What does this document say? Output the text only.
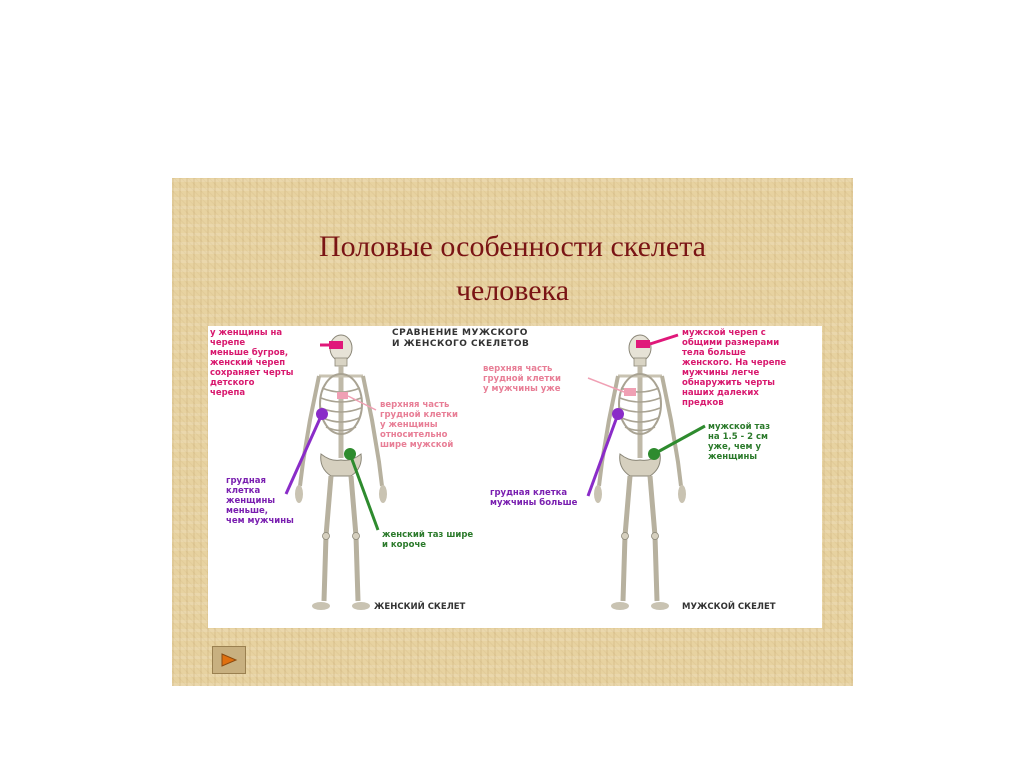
Половые особенности скелета
человека
СРАВНЕНИЕ МУЖСКОГО
И ЖЕНСКОГО СКЕЛЕТОВ
у женщины на
черепе
меньше бугров,
женский череп
сохраняет черты
детского
черепа
верхняя часть
грудной клетки
у женщины
относительно
шире мужской
грудная
клетка
женщины
меньше,
чем мужчины
женский таз шире
и короче
ЖЕНСКИЙ СКЕЛЕТ
мужской череп с
общими размерами
тела больше
женского. На черепе
мужчины легче
обнаружить черты
наших далеких
предков
верхняя часть
грудной клетки
у мужчины уже
грудная клетка
мужчины больше
мужской таз
на 1.5 - 2 см
уже, чем у
женщины
МУЖСКОЙ СКЕЛЕТ
